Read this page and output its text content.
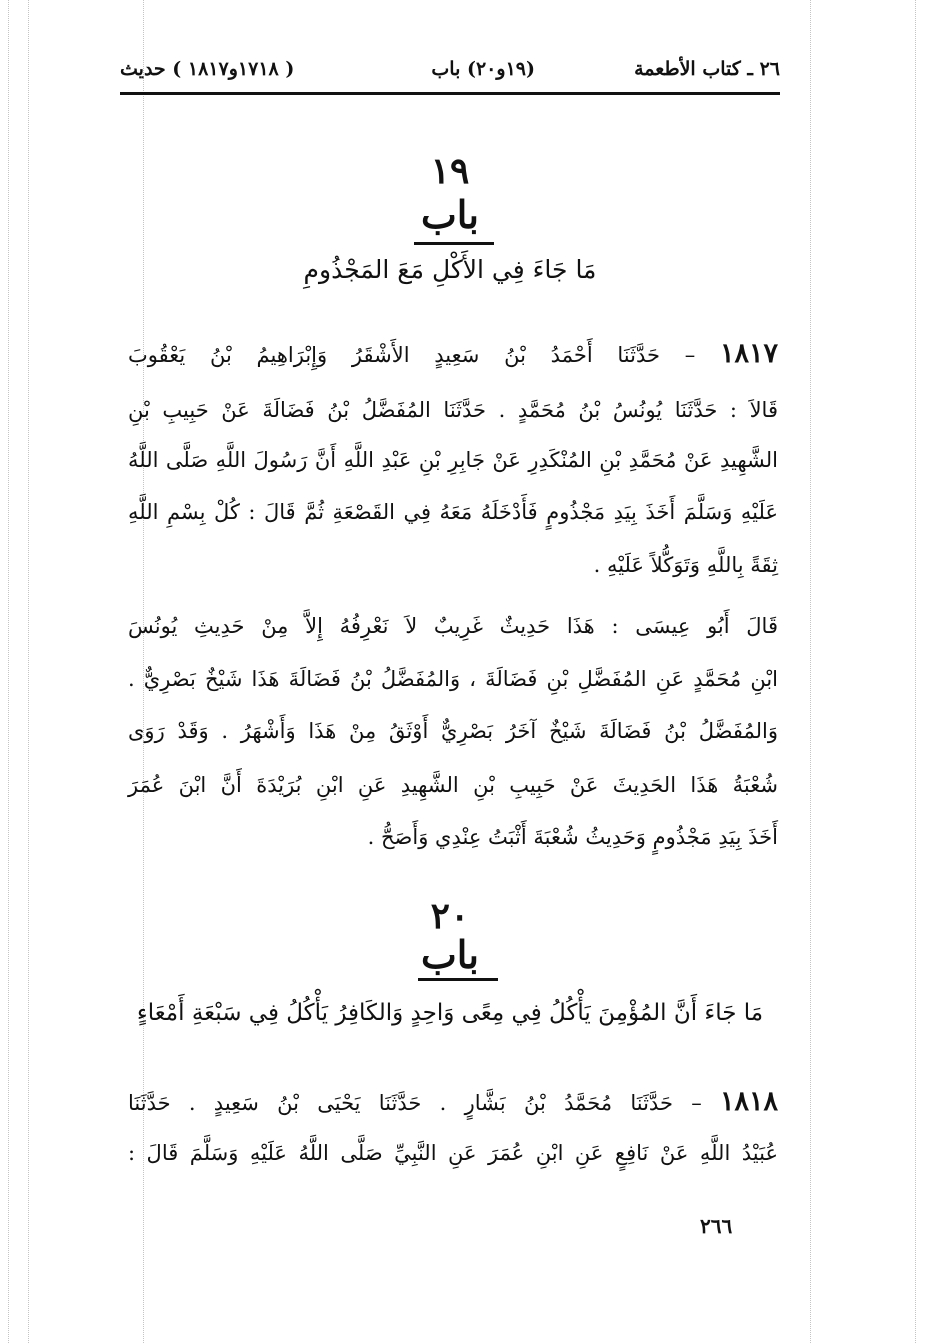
٢٦ ـ كتاب الأطعمة
(١٩و٢٠) باب
( ١٧١٨و١٨١٧ ) حديث
١٩
باب
مَا جَاءَ فِي الأَكْلِ مَعَ المَجْذُومِ
١٨١٧ – حَدَّثَنَا أَحْمَدُ بْنُ سَعِيدٍ الأَشْقَرُ وَإِبْرَاهِيمُ بْنُ يَعْقُوبَ
قَالاَ : حَدَّثَنَا يُونُسُ بْنُ مُحَمَّدٍ . حَدَّثَنَا المُفَضَّلُ بْنُ فَضَالَةَ عَنْ حَبِيبِ بْنِ
الشَّهِيدِ عَنْ مُحَمَّدِ بْنِ المُنْكَدِرِ عَنْ جَابِرِ بْنِ عَبْدِ اللَّهِ أَنَّ رَسُولَ اللَّهِ صَلَّى اللَّهُ
عَلَيْهِ وَسَلَّمَ أَخَذَ بِيَدِ مَجْذُومٍ فَأَدْخَلَهُ مَعَهُ فِي القَصْعَةِ ثُمَّ قَالَ : كُلْ بِسْمِ اللَّهِ
ثِقَةً بِاللَّهِ وَتَوَكُّلاً عَلَيْهِ .
قَالَ أَبُو عِيسَى : هَذَا حَدِيثٌ غَرِيبٌ لاَ نَعْرِفُهُ إِلاَّ مِنْ حَدِيثِ يُونُسَ
ابْنِ مُحَمَّدٍ عَنِ المُفَضَّلِ بْنِ فَضَالَةَ ، وَالمُفَضَّلُ بْنُ فَضَالَةَ هَذَا شَيْخٌ بَصْرِيٌّ .
وَالمُفَضَّلُ بْنُ فَضَالَةَ شَيْخٌ آخَرُ بَصْرِيٌّ أَوْثَقُ مِنْ هَذَا وَأَشْهَرُ . وَقَدْ رَوَى
شُعْبَةُ هَذَا الحَدِيثَ عَنْ حَبِيبِ بْنِ الشَّهِيدِ عَنِ ابْنِ بُرَيْدَةَ أَنَّ ابْنَ عُمَرَ
أَخَذَ بِيَدِ مَجْذُومٍ وَحَدِيثُ شُعْبَةَ أَثْبَتُ عِنْدِي وَأَصَحُّ .
٢٠
باب
مَا جَاءَ أَنَّ المُؤْمِنَ يَأْكُلُ فِي مِعًى وَاحِدٍ وَالكَافِرُ يَأْكُلُ فِي سَبْعَةِ أَمْعَاءٍ
١٨١٨ – حَدَّثَنَا مُحَمَّدُ بْنُ بَشَّارٍ . حَدَّثَنَا يَحْيَى بْنُ سَعِيدٍ . حَدَّثَنَا
عُبَيْدُ اللَّهِ عَنْ نَافِعٍ عَنِ ابْنِ عُمَرَ عَنِ النَّبِيِّ صَلَّى اللَّهُ عَلَيْهِ وَسَلَّمَ قَالَ :
٢٦٦
